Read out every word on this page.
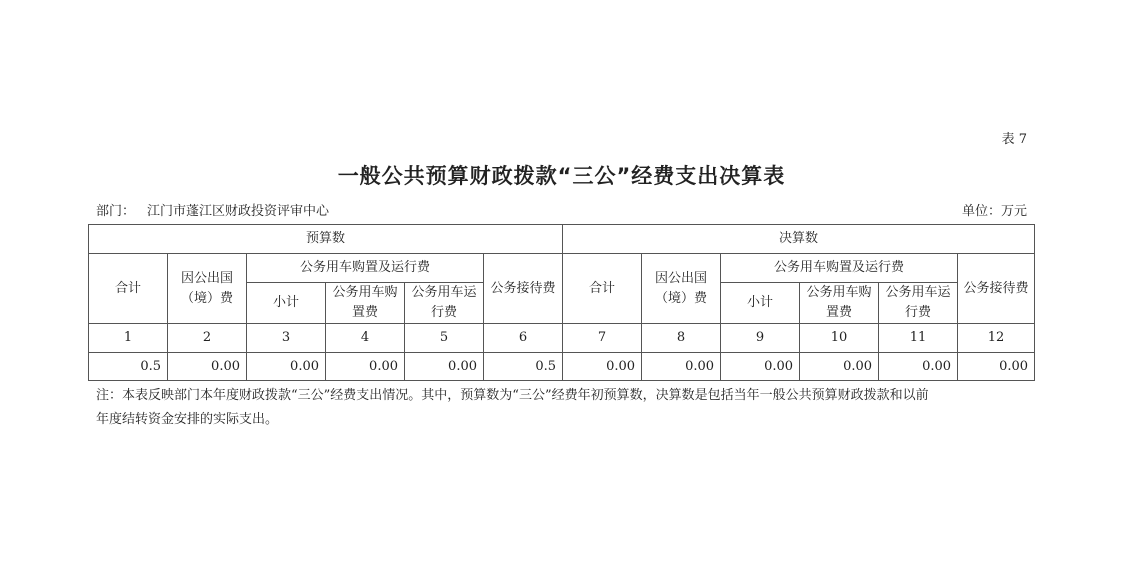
表 7
一般公共预算财政拨款“三公”经费支出决算表
部门： 江门市蓬江区财政投资评审中心	单位：万元
预算数						决算数					
合计	因公出国（境）费	公务用车购置及运行费			公务接待费	合计	因公出国（境）费	公务用车购置及运行费			公务接待费
		小计	公务用车购置费	公务用车运行费				小计	公务用车购置费	公务用车运行费	
1	2	3	4	5	6	7	8	9	10	11	12
0.5	0.00	0.00	0.00	0.00	0.5	0.00	0.00	0.00	0.00	0.00	0.00
注：本表反映部门本年度财政拨款“三公”经费支出情况。其中，预算数为“三公”经费年初预算数，决算数是包括当年一般公共预算财政拨款和以前
年度结转资金安排的实际支出。
